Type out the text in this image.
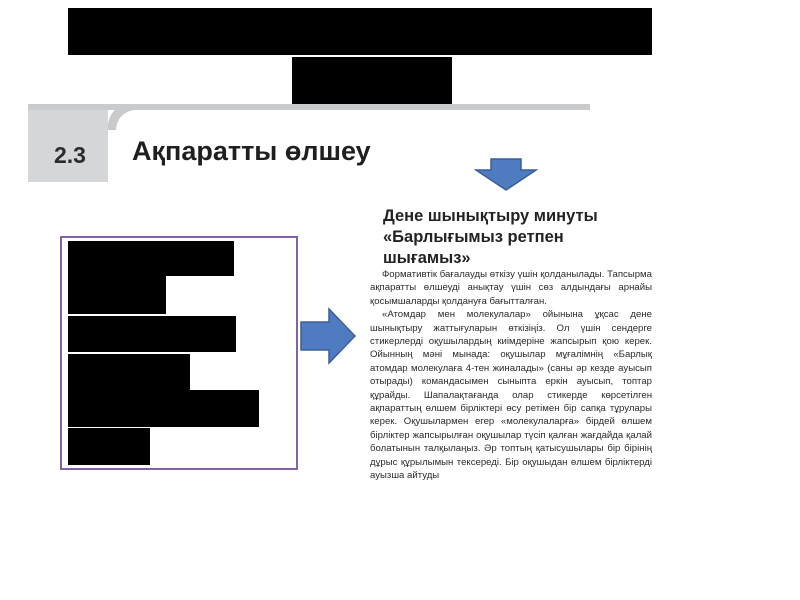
2.3 Ақпаратты өлшеу
Дене шынықтыру минуты
«Барлығымыз ретпен
шығамыз»

Формативтік бағалауды өткізу үшін қолданылады. Тапсырма ақпаратты өлшеуді анықтау үшін сөз алдындағы арнайы қосымшаларды қолдануға бағытталған.

«Атомдар мен молекулалар» ойынына ұқсас дене шынықтыру жаттығуларын өткізіңіз. Ол үшін сендерге стикерлерді оқушылардың киімдеріне жапсырып қою керек. Ойынның мәні мынада: оқушылар мұғалімнің «Барлық атомдар молекулаға 4-тен жиналады» (саны әр кезде ауысып отырады) командасымен сыныпта еркін ауысып, топтар құрайды. Шапалақтағанда олар стикерде көрсетілген ақпараттың өлшем бірліктері өсу ретімен бір сапқа тұрулары керек. Оқушылармен егер «молекулаларға» бірдей өлшем бірліктер жапсырылған оқушылар түсіп қалған жағдайда қалай болатынын талқылаңыз. Әр топтың қатысушылары бір бірінің дұрыс құрылымын тексереді. Бір оқушыдан өлшем бірліктерді ауызша айтуды
